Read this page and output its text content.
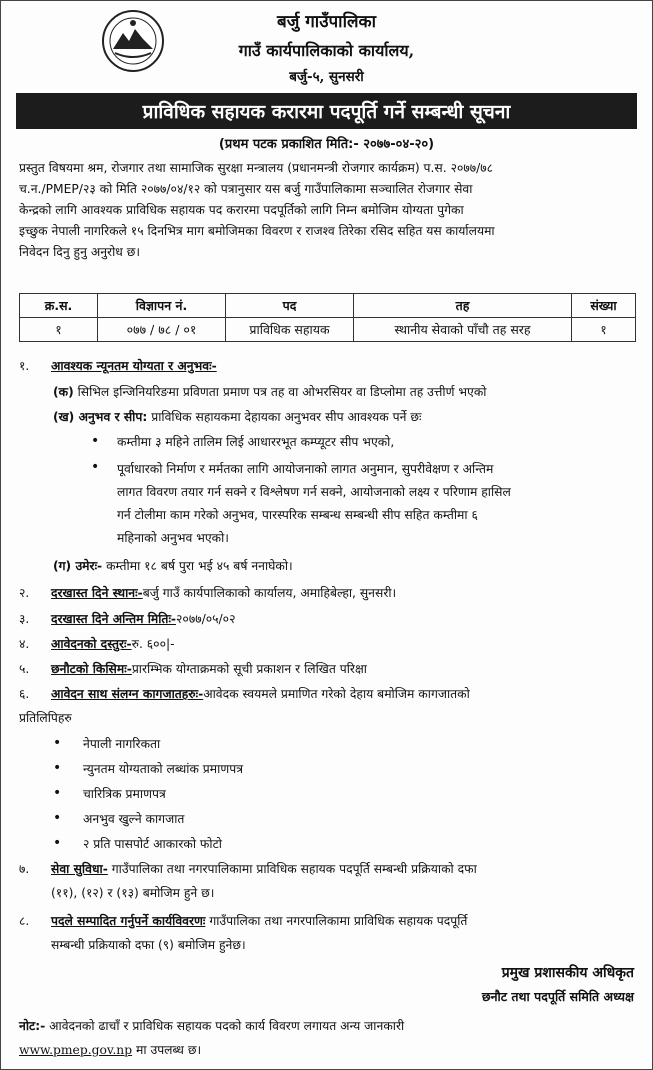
बर्जु गाउँपालिका
गाउँ कार्यपालिकाको कार्यालय,
बर्जु-५, सुनसरी
प्राविधिक सहायक करारमा पदपूर्ति गर्ने सम्बन्धी सूचना
(प्रथम पटक प्रकाशित मिति:- २०७७-०४-२०)
प्रस्तुत विषयमा श्रम, रोजगार तथा सामाजिक सुरक्षा मन्त्रालय (प्रधानमन्त्री रोजगार कार्यक्रम) प.स. २०७७/७८
च.न./PMEP/२३ को मिति २०७७/०४/१२ को पत्रानुसार यस बर्जु गाउँपालिकामा सञ्चालित रोजगार सेवा
केन्द्रको लागि आवश्यक प्राविधिक सहायक पद करारमा पदपूर्तिको लागि निम्न बमोजिम योग्यता पुगेका
इच्छुक नेपाली नागरिकले १५ दिनभित्र माग बमोजिमका विवरण र राजश्व तिरेका रसिद सहित यस कार्यालयमा
निवेदन दिनु हुनु अनुरोध छ।
क्र.स.	विज्ञापन नं.	पद	तह	संख्या
१	०७७ / ७८ / ०१	प्राविधिक सहायक	स्थानीय सेवाको पाँचौ तह सरह	१
१.	आवश्यक न्यूनतम योग्यता र अनुभवः-
(क) सिभिल इन्जिनियरिङमा प्रविणता प्रमाण पत्र तह वा ओभरसियर वा डिप्लोमा तह उत्तीर्ण भएको
(ख) अनुभव र सीप: प्राविधिक सहायकमा देहायका अनुभवर सीप आवश्यक पर्ने छः
• कम्तीमा ३ महिने तालिम लिई आधाररभूत कम्प्यूटर सीप भएको,
• पूर्वाधारको निर्माण र मर्मतका लागि आयोजनाको लागत अनुमान, सुपरीवेक्षण र अन्तिम
लागत विवरण तयार गर्न सक्ने र विश्लेषण गर्न सक्ने, आयोजनाको लक्ष्य र परिणाम हासिल
गर्न टोलीमा काम गरेको अनुभव, पारस्परिक सम्बन्ध सम्बन्धी सीप सहित कम्तीमा ६
महिनाको अनुभव भएको।
(ग) उमेरः- कम्तीमा १८ बर्ष पुरा भई ४५ बर्ष ननाघेको।
२.	दरखास्त दिने स्थानः-बर्जु गाउँ कार्यपालिकाको कार्यालय, अमाहिबेल्हा, सुनसरी।
३.	दरखास्त दिने अन्तिम मितिः-२०७७/०५/०२
४.	आवेदनको दस्तुरः-रु. ६००|-
५.	छनौटको किसिमः-प्रारम्भिक योग्ताक्रमको सूची प्रकाशन र लिखित परिक्षा
६.	आवेदन साथ संलग्न कागजातहरुः-आवेदक स्वयमले प्रमाणित गरेको देहाय बमोजिम कागजातको
प्रतिलिपिहरु
• नेपाली नागरिकता
• न्युनतम योग्यताको लब्धांक प्रमाणपत्र
• चारित्रिक प्रमाणपत्र
• अनभुव खुल्ने कागजात
• २ प्रति पासपोर्ट आकारको फोटो
७.	सेवा सुविधा- गाउँपालिका तथा नगरपालिकामा प्राविधिक सहायक पदपूर्ति सम्बन्धी प्रक्रियाको दफा
(११), (१२) र (१३) बमोजिम हुने छ।
८.	पदले सम्पादित गर्नुपर्ने कार्यविवरणः गाउँपालिका तथा नगरपालिकामा प्राविधिक सहायक पदपूर्ति
सम्बन्धी प्रक्रियाको दफा (९) बमोजिम हुनेछ।
प्रमुख प्रशासकीय अधिकृत
छनौट तथा पदपूर्ति समिति अध्यक्ष
नोट:- आवेदनको ढाचाँ र प्राविधिक सहायक पदको कार्य विवरण लगायत अन्य जानकारी
www.pmep.gov.np मा उपलब्ध छ।
